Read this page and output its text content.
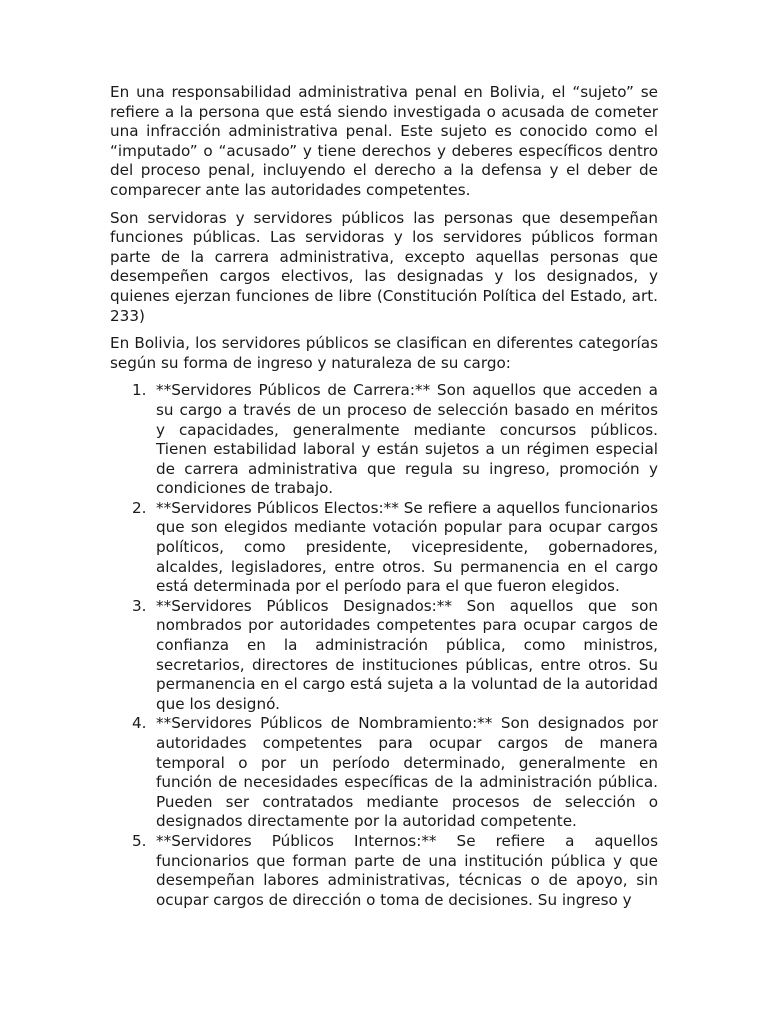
En una responsabilidad administrativa penal en Bolivia, el “sujeto” se refiere a la persona que está siendo investigada o acusada de cometer una infracción administrativa penal. Este sujeto es conocido como el “imputado” o “acusado” y tiene derechos y deberes específicos dentro del proceso penal, incluyendo el derecho a la defensa y el deber de comparecer ante las autoridades competentes.

Son servidoras y servidores públicos las personas que desempeñan funciones públicas. Las servidoras y los servidores públicos forman parte de la carrera administrativa, excepto aquellas personas que desempeñen cargos electivos, las designadas y los designados, y quienes ejerzan funciones de libre (Constitución Política del Estado, art. 233)

En Bolivia, los servidores públicos se clasifican en diferentes categorías según su forma de ingreso y naturaleza de su cargo:

1. **Servidores Públicos de Carrera:** Son aquellos que acceden a su cargo a través de un proceso de selección basado en méritos y capacidades, generalmente mediante concursos públicos. Tienen estabilidad laboral y están sujetos a un régimen especial de carrera administrativa que regula su ingreso, promoción y condiciones de trabajo.
2. **Servidores Públicos Electos:** Se refiere a aquellos funcionarios que son elegidos mediante votación popular para ocupar cargos políticos, como presidente, vicepresidente, gobernadores, alcaldes, legisladores, entre otros. Su permanencia en el cargo está determinada por el período para el que fueron elegidos.
3. **Servidores Públicos Designados:** Son aquellos que son nombrados por autoridades competentes para ocupar cargos de confianza en la administración pública, como ministros, secretarios, directores de instituciones públicas, entre otros. Su permanencia en el cargo está sujeta a la voluntad de la autoridad que los designó.
4. **Servidores Públicos de Nombramiento:** Son designados por autoridades competentes para ocupar cargos de manera temporal o por un período determinado, generalmente en función de necesidades específicas de la administración pública. Pueden ser contratados mediante procesos de selección o designados directamente por la autoridad competente.
5. **Servidores Públicos Internos:** Se refiere a aquellos funcionarios que forman parte de una institución pública y que desempeñan labores administrativas, técnicas o de apoyo, sin ocupar cargos de dirección o toma de decisiones. Su ingreso y
